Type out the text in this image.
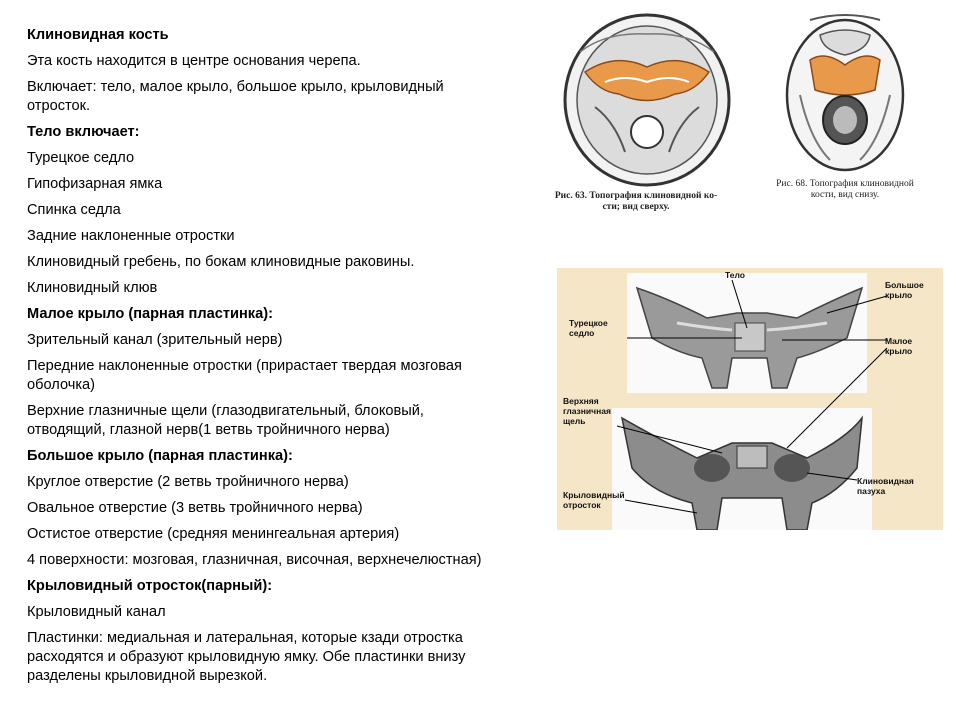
Клиновидная кость

Эта кость находится в центре основания черепа.

Включает: тело, малое крыло, большое крыло, крыловидный

отросток.

Тело включает:

Турецкое седло

Гипофизарная ямка

Спинка седла

Задние наклоненные отростки

Клиновидный гребень, по бокам клиновидные раковины.

Клиновидный клюв

Малое крыло (парная пластинка):

Зрительный канал (зрительный нерв)

Передние наклоненные отростки (прирастает твердая мозговая

оболочка)

Верхние глазничные щели (глазодвигательный, блоковый,

отводящий, глазной нерв(1 ветвь тройничного нерва)

Большое крыло (парная пластинка):

Круглое отверстие (2 ветвь тройничного нерва)

Овальное отверстие (3 ветвь тройничного нерва)

Остистое отверстие (средняя менингеальная артерия)

4 поверхности: мозговая, глазничная, височная, верхнечелюстная)

Крыловидный отросток(парный):

Крыловидный канал

Пластинки: медиальная и латеральная, которые кзади отростка

расходятся и образуют крыловидную ямку. Обе пластинки внизу

разделены крыловидной вырезкой.

Рис. 63. Топография клиновидной ко-
сти; вид сверху.
Рис. 68. Топография клиновидной
кости, вид снизу.
Тело
Большое
крыло
Турецкое
седло
Малое
крыло
Верхняя
глазничная
щель
Клиновидная
пазуха
Крыловидный
отросток
